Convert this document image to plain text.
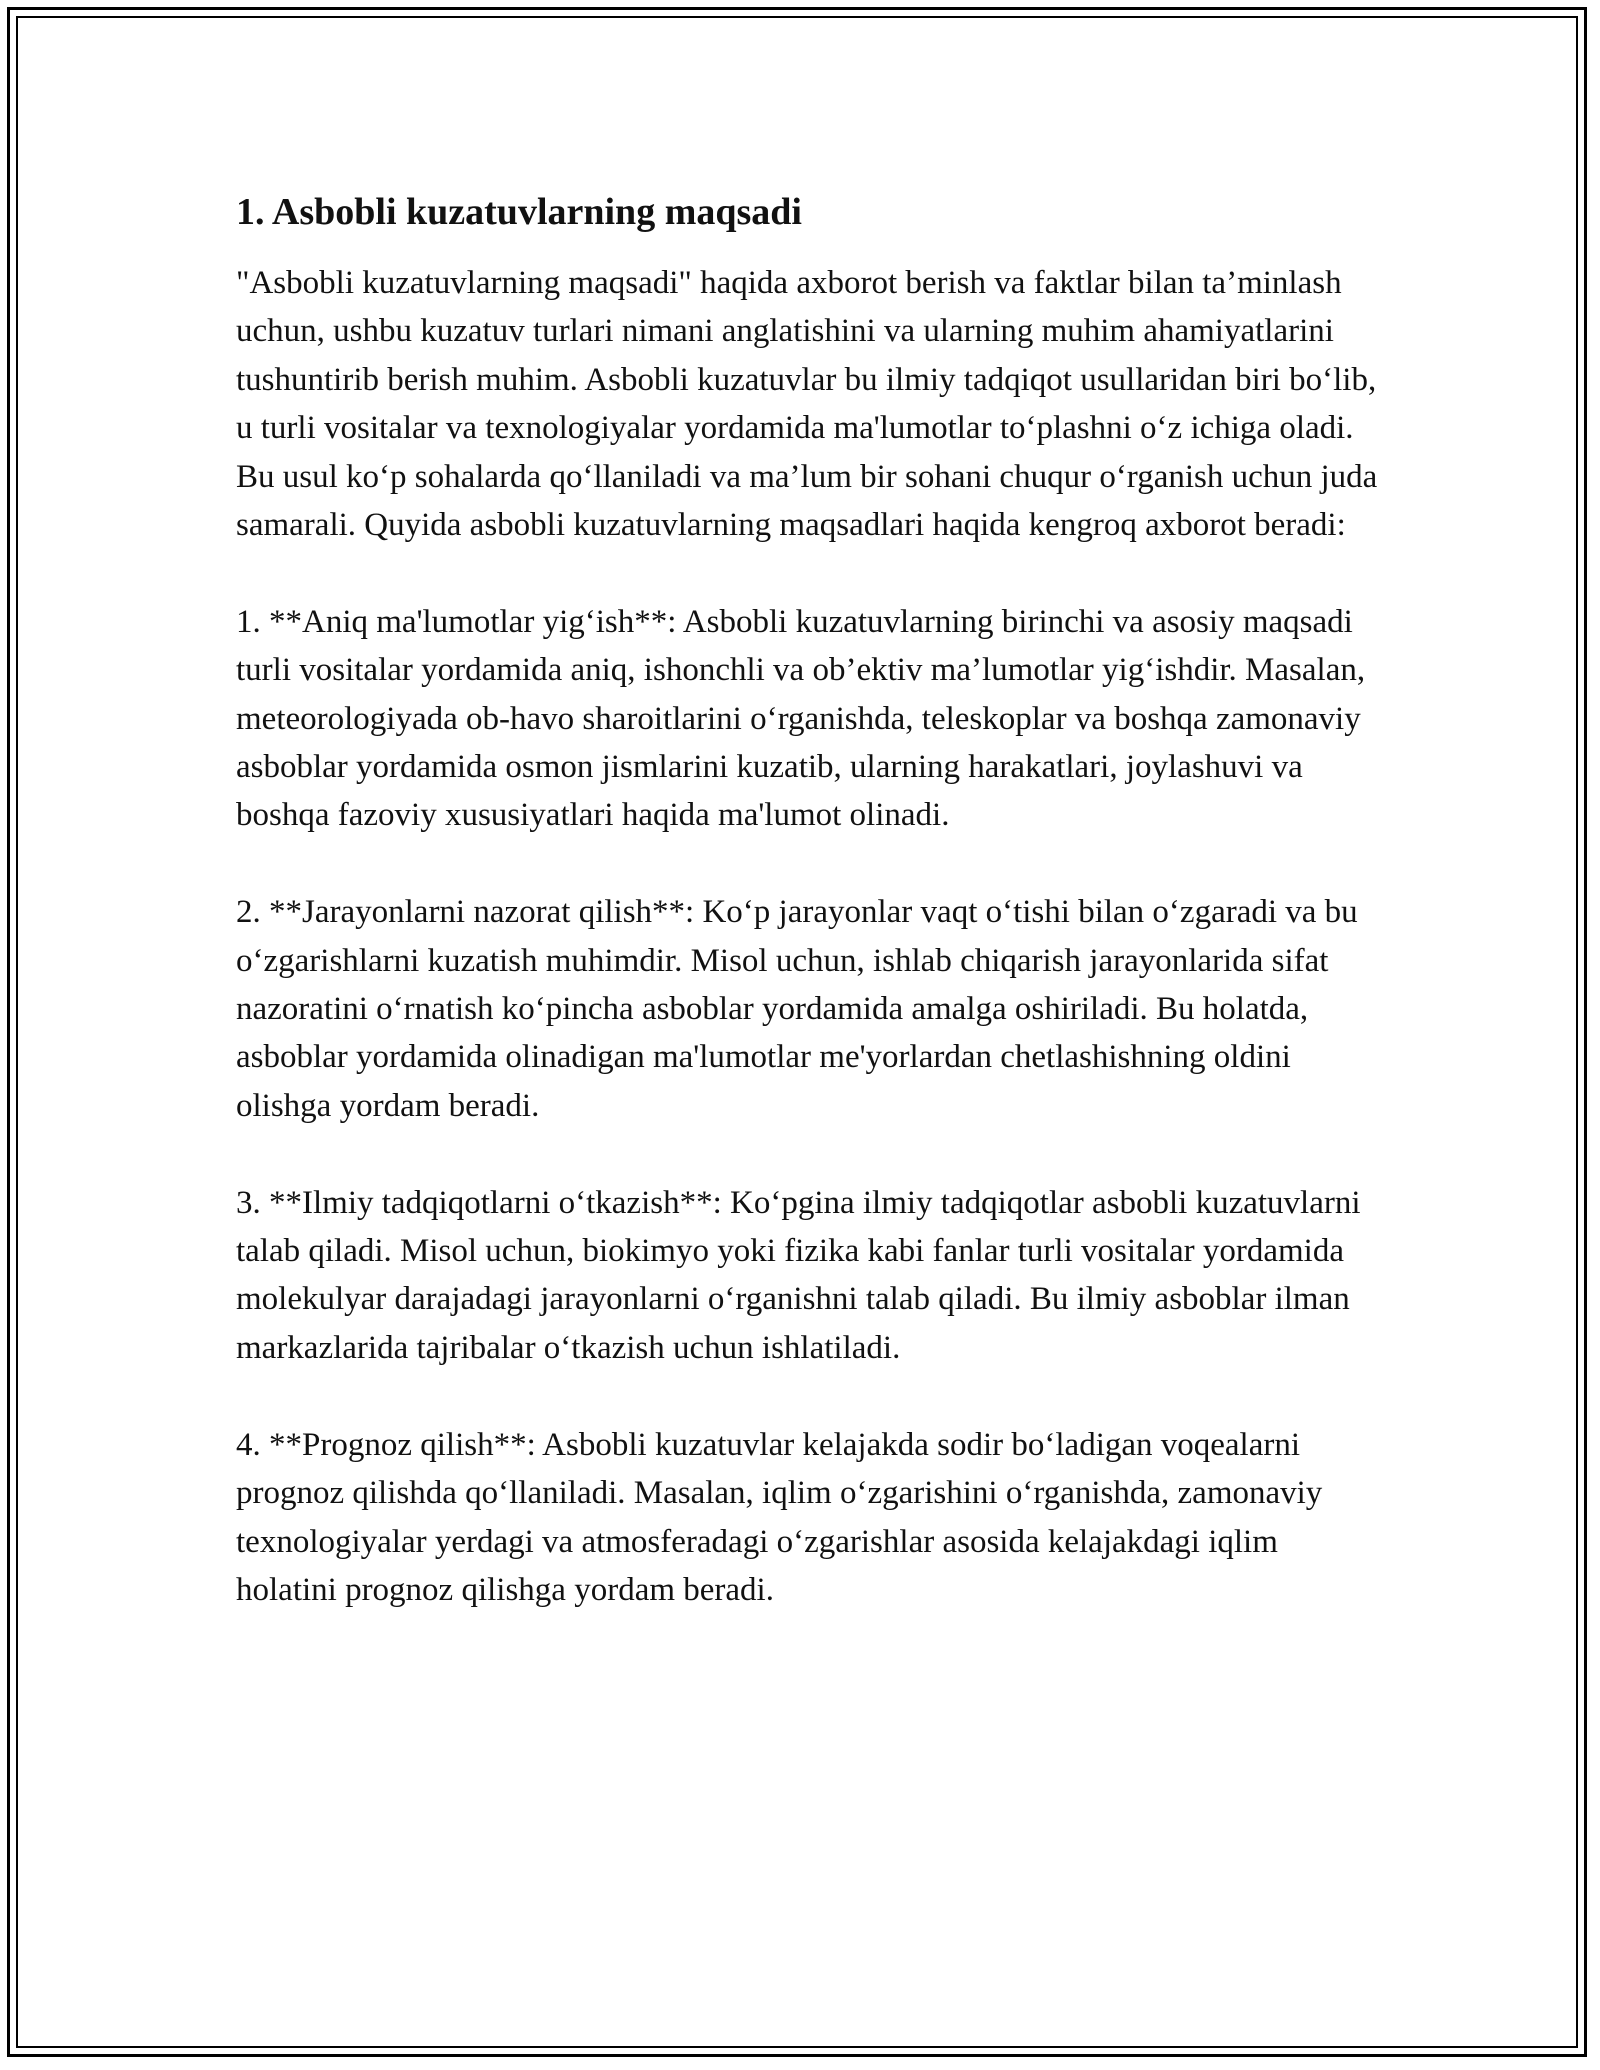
1. Asbobli kuzatuvlarning maqsadi

"Asbobli kuzatuvlarning maqsadi" haqida axborot berish va faktlar bilan ta’minlash uchun, ushbu kuzatuv turlari nimani anglatishini va ularning muhim ahamiyatlarini tushuntirib berish muhim. Asbobli kuzatuvlar bu ilmiy tadqiqot usullaridan biri bo‘lib, u turli vositalar va texnologiyalar yordamida ma'lumotlar to‘plashni o‘z ichiga oladi. Bu usul ko‘p sohalarda qo‘llaniladi va ma’lum bir sohani chuqur o‘rganish uchun juda samarali. Quyida asbobli kuzatuvlarning maqsadlari haqida kengroq axborot beradi:

1. **Aniq ma'lumotlar yig‘ish**: Asbobli kuzatuvlarning birinchi va asosiy maqsadi turli vositalar yordamida aniq, ishonchli va ob’ektiv ma’lumotlar yig‘ishdir. Masalan, meteorologiyada ob-havo sharoitlarini o‘rganishda, teleskoplar va boshqa zamonaviy asboblar yordamida osmon jismlarini kuzatib, ularning harakatlari, joylashuvi va boshqa fazoviy xususiyatlari haqida ma'lumot olinadi.

2. **Jarayonlarni nazorat qilish**: Ko‘p jarayonlar vaqt o‘tishi bilan o‘zgaradi va bu o‘zgarishlarni kuzatish muhimdir. Misol uchun, ishlab chiqarish jarayonlarida sifat nazoratini o‘rnatish ko‘pincha asboblar yordamida amalga oshiriladi. Bu holatda, asboblar yordamida olinadigan ma'lumotlar me'yorlardan chetlashishning oldini olishga yordam beradi.

3. **Ilmiy tadqiqotlarni o‘tkazish**: Ko‘pgina ilmiy tadqiqotlar asbobli kuzatuvlarni talab qiladi. Misol uchun, biokimyo yoki fizika kabi fanlar turli vositalar yordamida molekulyar darajadagi jarayonlarni o‘rganishni talab qiladi. Bu ilmiy asboblar ilman markazlarida tajribalar o‘tkazish uchun ishlatiladi.

4. **Prognoz qilish**: Asbobli kuzatuvlar kelajakda sodir bo‘ladigan voqealarni prognoz qilishda qo‘llaniladi. Masalan, iqlim o‘zgarishini o‘rganishda, zamonaviy texnologiyalar yerdagi va atmosferadagi o‘zgarishlar asosida kelajakdagi iqlim holatini prognoz qilishga yordam beradi.
